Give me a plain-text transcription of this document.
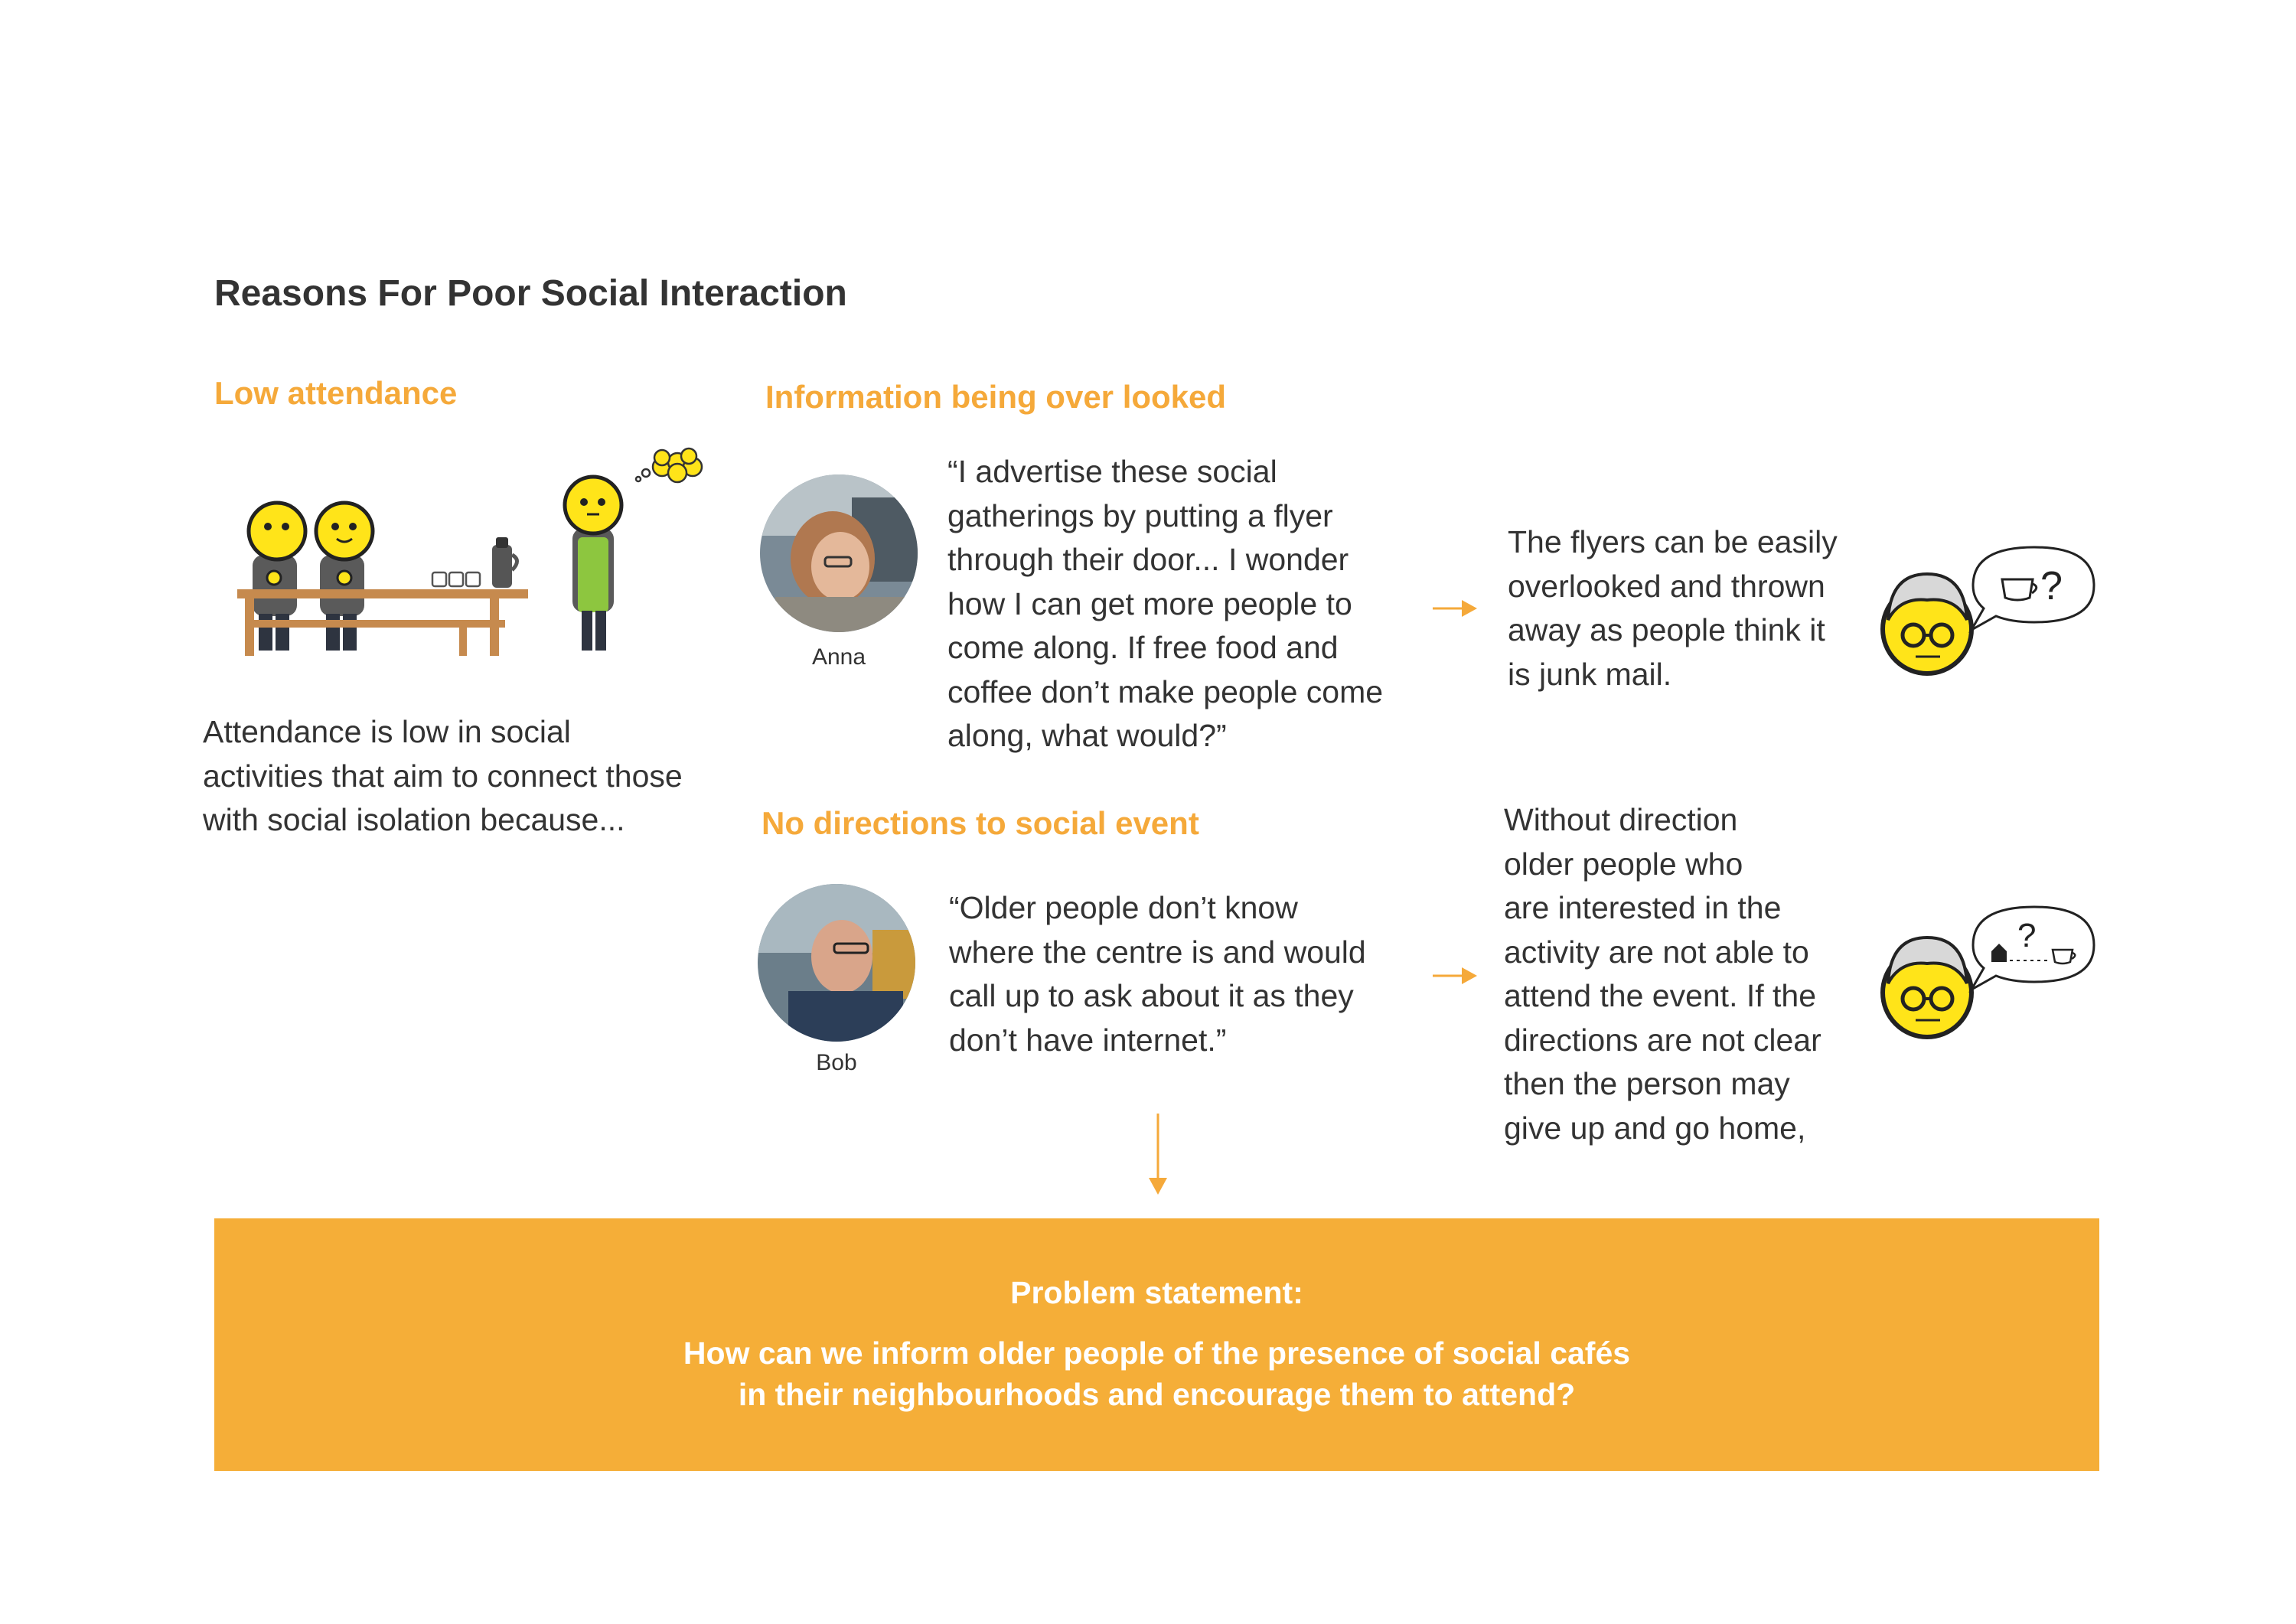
Reasons For Poor Social Interaction
Low attendance
Attendance is low in social
activities that aim to connect those
with social isolation because...
Information being over looked
Anna
“I advertise these social
gatherings by putting a flyer
through their door... I wonder
how I can get more people to
come along. If free food and
coffee don’t make people come
along, what would?”
The flyers can be easily
overlooked and thrown
away as people think it
is junk mail.
?
No directions to social event
Bob
“Older people don’t know
where the centre is and would
call up to ask about it as they
don’t have internet.”
Without direction
older people who
are interested in the
activity are not able to
attend the event. If the
directions are not clear
then the person may
give up and go home,
?
Problem statement:
How can we inform older people of the presence of social cafés
in their neighbourhoods and encourage them to attend?
